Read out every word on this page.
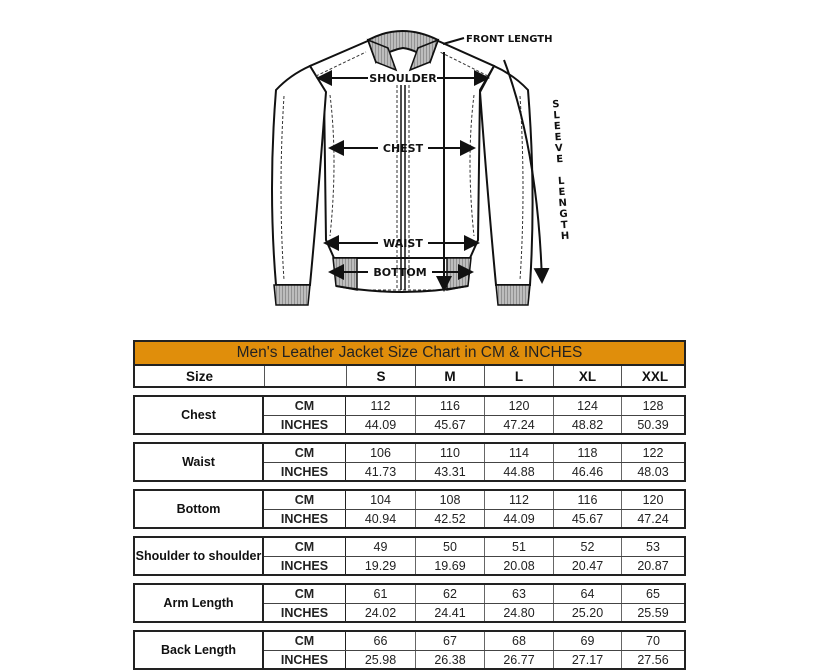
FRONT LENGTH
SHOULDER
CHEST
WAIST
BOTTOM
SLEEVE LENGTH
Men's Leather Jacket Size Chart in CM & INCHES
Size	S	M	L	XL	XXL
Chest
CM	112	116	120	124	128
INCHES	44.09	45.67	47.24	48.82	50.39
Waist
CM	106	110	114	118	122
INCHES	41.73	43.31	44.88	46.46	48.03
Bottom
CM	104	108	112	116	120
INCHES	40.94	42.52	44.09	45.67	47.24
Shoulder to shoulder
CM	49	50	51	52	53
INCHES	19.29	19.69	20.08	20.47	20.87
Arm Length
CM	61	62	63	64	65
INCHES	24.02	24.41	24.80	25.20	25.59
Back Length
CM	66	67	68	69	70
INCHES	25.98	26.38	26.77	27.17	27.56
